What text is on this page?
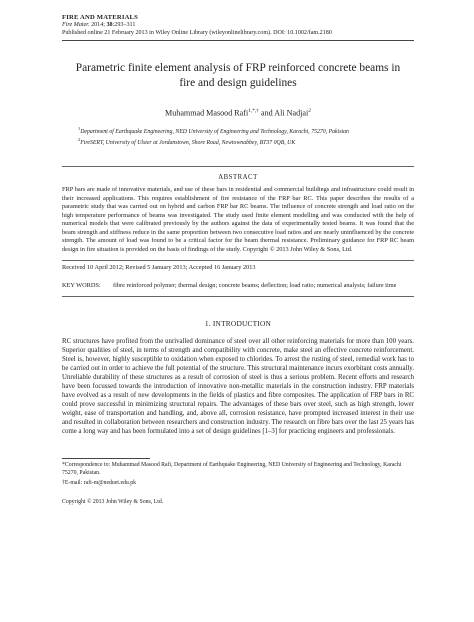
FIRE AND MATERIALS
Fire Mater. 2014; 38:293–311
Published online 21 February 2013 in Wiley Online Library (wileyonlinelibrary.com). DOI: 10.1002/fam.2180
Parametric finite element analysis of FRP reinforced concrete beams in fire and design guidelines
Muhammad Masood Rafi$^{1,*,\dagger}$ and Ali Nadjai$^2$
$^1$Department of Earthquake Engineering, NED University of Engineering and Technology, Karachi, 75270, Pakistan
$^2$FireSERT, University of Ulster at Jordanstown, Shore Road, Newtownabbey, BT37 0QB, UK
ABSTRACT
FRP bars are made of innovative materials, and use of these bars in residential and commercial buildings and infrastructure could result in their increased applications. This requires establishment of fire resistance of the FRP bar RC. This paper describes the results of a parametric study that was carried out on hybrid and carbon FRP bar RC beams. The influence of concrete strength and load ratio on the high temperature performance of beams was investigated. The study used finite element modelling and was conducted with the help of numerical models that were calibrated previously by the authors against the data of experimentally tested beams. It was found that the beam strength and stiffness reduce in the same proportion between two consecutive load ratios and are nearly uninfluenced by the concrete strength. The amount of load was found to be a critical factor for the beam thermal resistance. Preliminary guidance for FRP RC beam design in fire situation is provided on the basis of findings of the study. Copyright © 2013 John Wiley & Sons, Ltd.
Received 10 April 2012; Revised 5 January 2013; Accepted 16 January 2013
KEY WORDS:	fibre reinforced polymer; thermal design; concrete beams; deflection; load ratio; numerical analysis; failure time
1. INTRODUCTION
RC structures have profited from the unrivalled dominance of steel over all other reinforcing materials for more than 100 years. Superior qualities of steel, in terms of strength and compatibility with concrete, make steel an effective concrete reinforcement. Steel is, however, highly susceptible to oxidation when exposed to chlorides. To arrest the rusting of steel, remedial work has to be carried out in order to achieve the full potential of the structure. This structural maintenance incurs exorbitant costs annually. Unreliable durability of these structures as a result of corrosion of steel is thus a serious problem. Recent efforts and research have been focussed towards the introduction of innovative non-metallic materials in the construction industry. FRP materials have evolved as a result of new developments in the fields of plastics and fibre composites. The application of FRP bars in RC could prove successful in minimizing structural repairs. The advantages of these bars over steel, such as high strength, lower weight, ease of transportation and handling, and, above all, corrosion resistance, have prompted increased interest in their use and resulted in collaboration between researchers and construction industry. The research on fibre bars over the last 25 years has come a long way and has been formulated into a set of design guidelines [1–3] for practicing engineers and professionals.
*Correspondence to: Muhammad Masood Rafi, Department of Earthquake Engineering, NED University of Engineering and Technology, Karachi 75270, Pakistan.
†E-mail: rafi-m@neduet.edu.pk
Copyright © 2013 John Wiley & Sons, Ltd.
